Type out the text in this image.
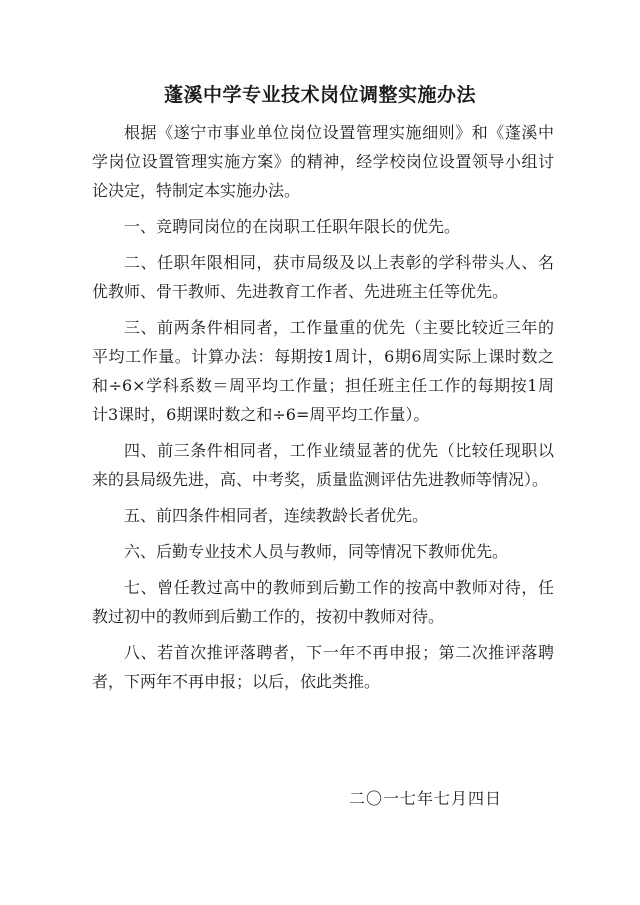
蓬溪中学专业技术岗位调整实施办法

根据《遂宁市事业单位岗位设置管理实施细则》和《蓬溪中学岗位设置管理实施方案》的精神，经学校岗位设置领导小组讨论决定，特制定本实施办法。

一、竞聘同岗位的在岗职工任职年限长的优先。

二、任职年限相同，获市局级及以上表彰的学科带头人、名优教师、骨干教师、先进教育工作者、先进班主任等优先。

三、前两条件相同者，工作量重的优先（主要比较近三年的平均工作量。计算办法：每期按1周计，6期6周实际上课时数之和÷6×学科系数＝周平均工作量；担任班主任工作的每期按1周计3课时，6期课时数之和÷6=周平均工作量）。

四、前三条件相同者，工作业绩显著的优先（比较任现职以来的县局级先进，高、中考奖，质量监测评估先进教师等情况）。

五、前四条件相同者，连续教龄长者优先。

六、后勤专业技术人员与教师，同等情况下教师优先。

七、曾任教过高中的教师到后勤工作的按高中教师对待，任教过初中的教师到后勤工作的，按初中教师对待。

八、若首次推评落聘者，下一年不再申报；第二次推评落聘者，下两年不再申报；以后，依此类推。

二〇一七年七月四日
